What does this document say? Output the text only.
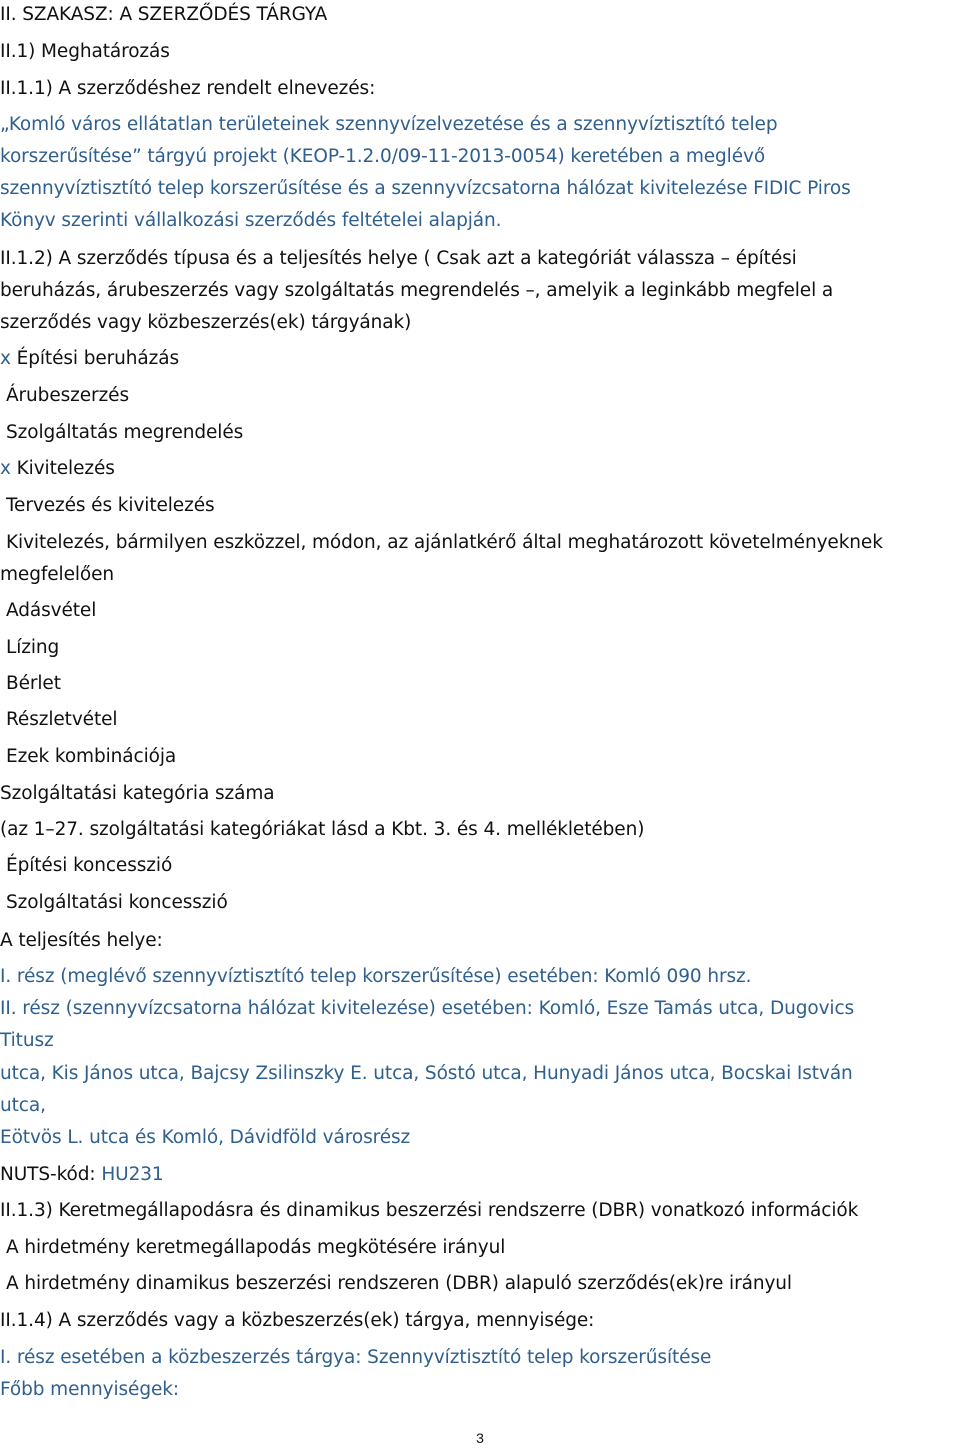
II. SZAKASZ: A SZERZŐDÉS TÁRGYA
II.1) Meghatározás
II.1.1) A szerződéshez rendelt elnevezés:
„Komló város ellátatlan területeinek szennyvízelvezetése és a szennyvíztisztító telep
korszerűsítése” tárgyú projekt (KEOP-1.2.0/09-11-2013-0054) keretében a meglévő
szennyvíztisztító telep korszerűsítése és a szennyvízcsatorna hálózat kivitelezése FIDIC Piros
Könyv szerinti vállalkozási szerződés feltételei alapján.
II.1.2) A szerződés típusa és a teljesítés helye ( Csak azt a kategóriát válassza – építési
beruházás, árubeszerzés vagy szolgáltatás megrendelés –, amelyik a leginkább megfelel a
szerződés vagy közbeszerzés(ek) tárgyának)
x Építési beruházás
Árubeszerzés
Szolgáltatás megrendelés
x Kivitelezés
Tervezés és kivitelezés
Kivitelezés, bármilyen eszközzel, módon, az ajánlatkérő által meghatározott követelményeknek
megfelelően
Adásvétel
Lízing
Bérlet
Részletvétel
Ezek kombinációja
Szolgáltatási kategória száma
(az 1–27. szolgáltatási kategóriákat lásd a Kbt. 3. és 4. mellékletében)
Építési koncesszió
Szolgáltatási koncesszió
A teljesítés helye:
I. rész (meglévő szennyvíztisztító telep korszerűsítése) esetében: Komló 090 hrsz.
II. rész (szennyvízcsatorna hálózat kivitelezése) esetében: Komló, Esze Tamás utca, Dugovics
Titusz
utca, Kis János utca, Bajcsy Zsilinszky E. utca, Sóstó utca, Hunyadi János utca, Bocskai István
utca,
Eötvös L. utca és Komló, Dávidföld városrész
NUTS-kód: HU231
II.1.3) Keretmegállapodásra és dinamikus beszerzési rendszerre (DBR) vonatkozó információk
A hirdetmény keretmegállapodás megkötésére irányul
A hirdetmény dinamikus beszerzési rendszeren (DBR) alapuló szerződés(ek)re irányul
II.1.4) A szerződés vagy a közbeszerzés(ek) tárgya, mennyisége:
I. rész esetében a közbeszerzés tárgya: Szennyvíztisztító telep korszerűsítése
Főbb mennyiségek:
3
